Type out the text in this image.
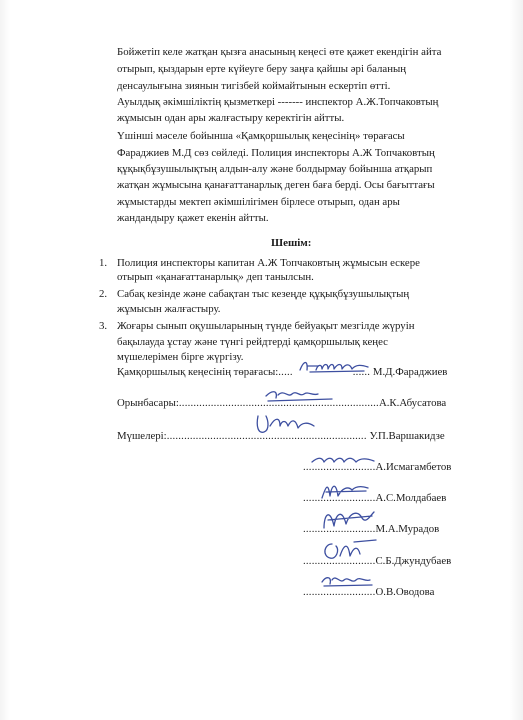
Бойжетіп келе жатқан қызға анасының кеңесі өте қажет екендігін айта
отырып, қыздарын ерте күйеуге беру заңға қайшы әрі баланың
денсаулығына зиянын тигізбей коймайтынын ескертіп өтті.
Ауылдық әкімшіліктің қызметкері ------- инспектор А.Ж.Топчаковтың
жұмысын одан ары жалғастыру керектігін айтты.
Үшінші мәселе бойынша «Қамқоршылық кеңесінің» төрағасы
Фараджиев М.Д сөз сөйледі. Полиция инспекторы А.Ж Топчаковтың
құқықбұзушылықтың алдын-алу және болдырмау бойынша атқарып
жатқан жұмысына қанағаттанарлық деген баға берді. Осы бағыттағы
жұмыстарды мектеп әкімшілігімен бірлесе отырып, одан ары
жандандыру қажет екенін айтты.
Шешім:
1. Полиция инспекторы капитан А.Ж Топчаковтың жұмысын ескере
отырып «қанағаттанарлық» деп танылсын.
2. Сабақ кезінде және сабақтан тыс кезеңде құқықбұзушылықтың
жұмысын жалғастыру.
3. Жоғары сынып оқушыларының түнде бейуақыт мезгілде жүруін
бақылауда ұстау және түнгі рейдтерді қамқоршылық кеңес
мүшелерімен бірге жүргізу.
Қамқоршылық кеңесінің төрағасы:.....	...... М.Д.Фараджиев
Орынбасары:.....................................................................А.К.Абусатова
Мүшелері:..................................................................... У.П.Варшакидзе
.........................А.Исмагамбетов
.........................А.С.Молдабаев
.........................М.А.Мурадов
.........................С.Б.Джундубаев
.........................О.В.Оводова
